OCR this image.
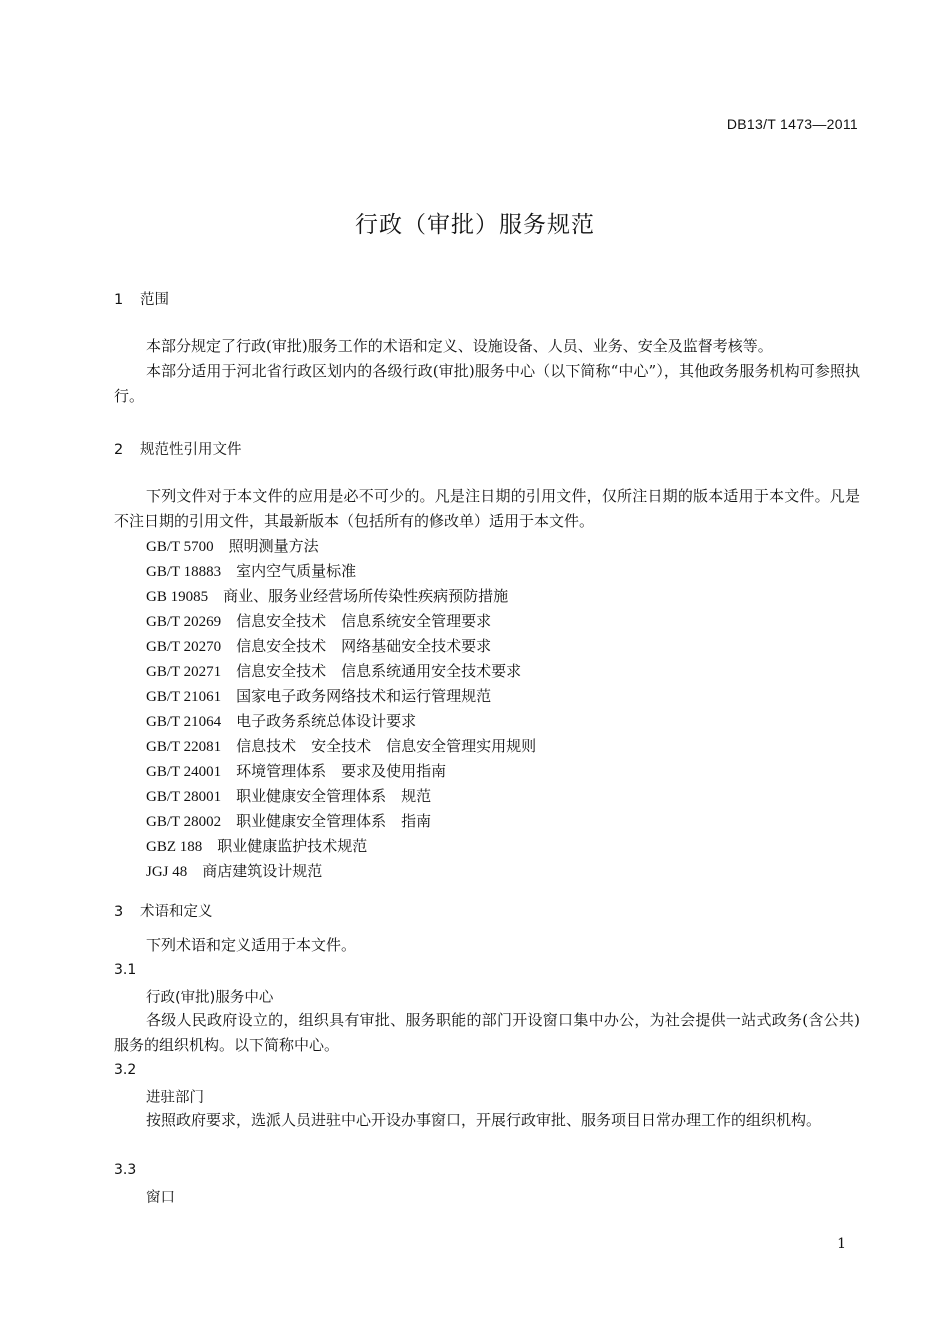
DB13/T 1473—2011
行政（审批）服务规范
1 范围
本部分规定了行政(审批)服务工作的术语和定义、设施设备、人员、业务、安全及监督考核等。
本部分适用于河北省行政区划内的各级行政(审批)服务中心（以下简称“中心”），其他政务服务机构可参照执行。
2 规范性引用文件
下列文件对于本文件的应用是必不可少的。凡是注日期的引用文件，仅所注日期的版本适用于本文件。凡是不注日期的引用文件，其最新版本（包括所有的修改单）适用于本文件。
GB/T 5700　 照明测量方法
GB/T 18883　 室内空气质量标准
GB 19085　 商业、服务业经营场所传染性疾病预防措施
GB/T 20269　 信息安全技术　信息系统安全管理要求
GB/T 20270　 信息安全技术　网络基础安全技术要求
GB/T 20271　 信息安全技术　信息系统通用安全技术要求
GB/T 21061　 国家电子政务网络技术和运行管理规范
GB/T 21064　 电子政务系统总体设计要求
GB/T 22081　 信息技术　安全技术　信息安全管理实用规则
GB/T 24001　 环境管理体系　要求及使用指南
GB/T 28001　 职业健康安全管理体系　规范
GB/T 28002　 职业健康安全管理体系　指南
GBZ 188　 职业健康监护技术规范
JGJ 48　 商店建筑设计规范
3 术语和定义
下列术语和定义适用于本文件。
3.1
行政(审批)服务中心
各级人民政府设立的，组织具有审批、服务职能的部门开设窗口集中办公，为社会提供一站式政务(含公共)服务的组织机构。以下简称中心。
3.2
进驻部门
按照政府要求，选派人员进驻中心开设办事窗口，开展行政审批、服务项目日常办理工作的组织机构。
3.3
窗口
1
